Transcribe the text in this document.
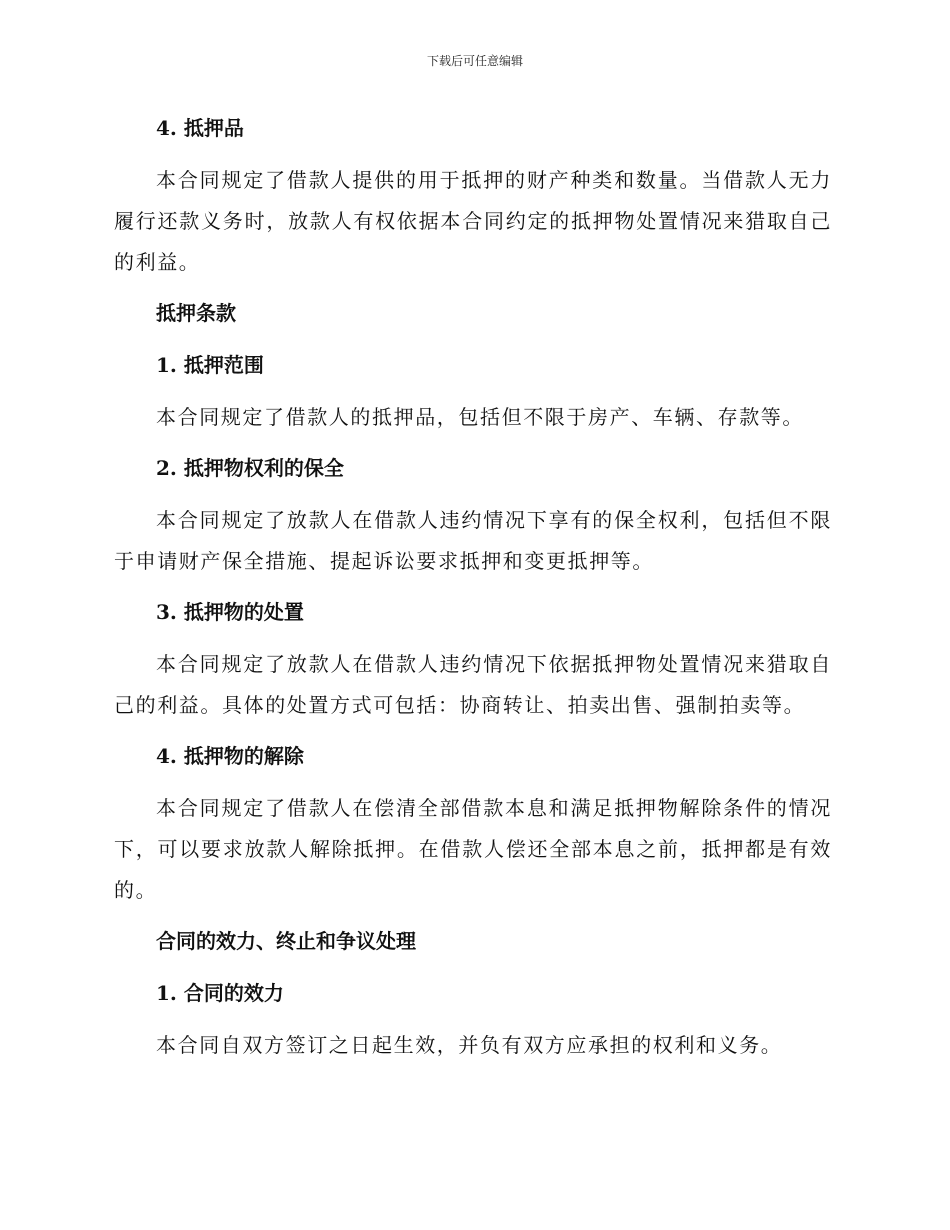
下载后可任意编辑
4. 抵押品
本合同规定了借款人提供的用于抵押的财产种类和数量。当借款人无力履行还款义务时，放款人有权依据本合同约定的抵押物处置情况来猎取自己的利益。
抵押条款
1. 抵押范围
本合同规定了借款人的抵押品，包括但不限于房产、车辆、存款等。
2. 抵押物权利的保全
本合同规定了放款人在借款人违约情况下享有的保全权利，包括但不限于申请财产保全措施、提起诉讼要求抵押和变更抵押等。
3. 抵押物的处置
本合同规定了放款人在借款人违约情况下依据抵押物处置情况来猎取自己的利益。具体的处置方式可包括：协商转让、拍卖出售、强制拍卖等。
4. 抵押物的解除
本合同规定了借款人在偿清全部借款本息和满足抵押物解除条件的情况下，可以要求放款人解除抵押。在借款人偿还全部本息之前，抵押都是有效的。
合同的效力、终止和争议处理
1. 合同的效力
本合同自双方签订之日起生效，并负有双方应承担的权利和义务。
